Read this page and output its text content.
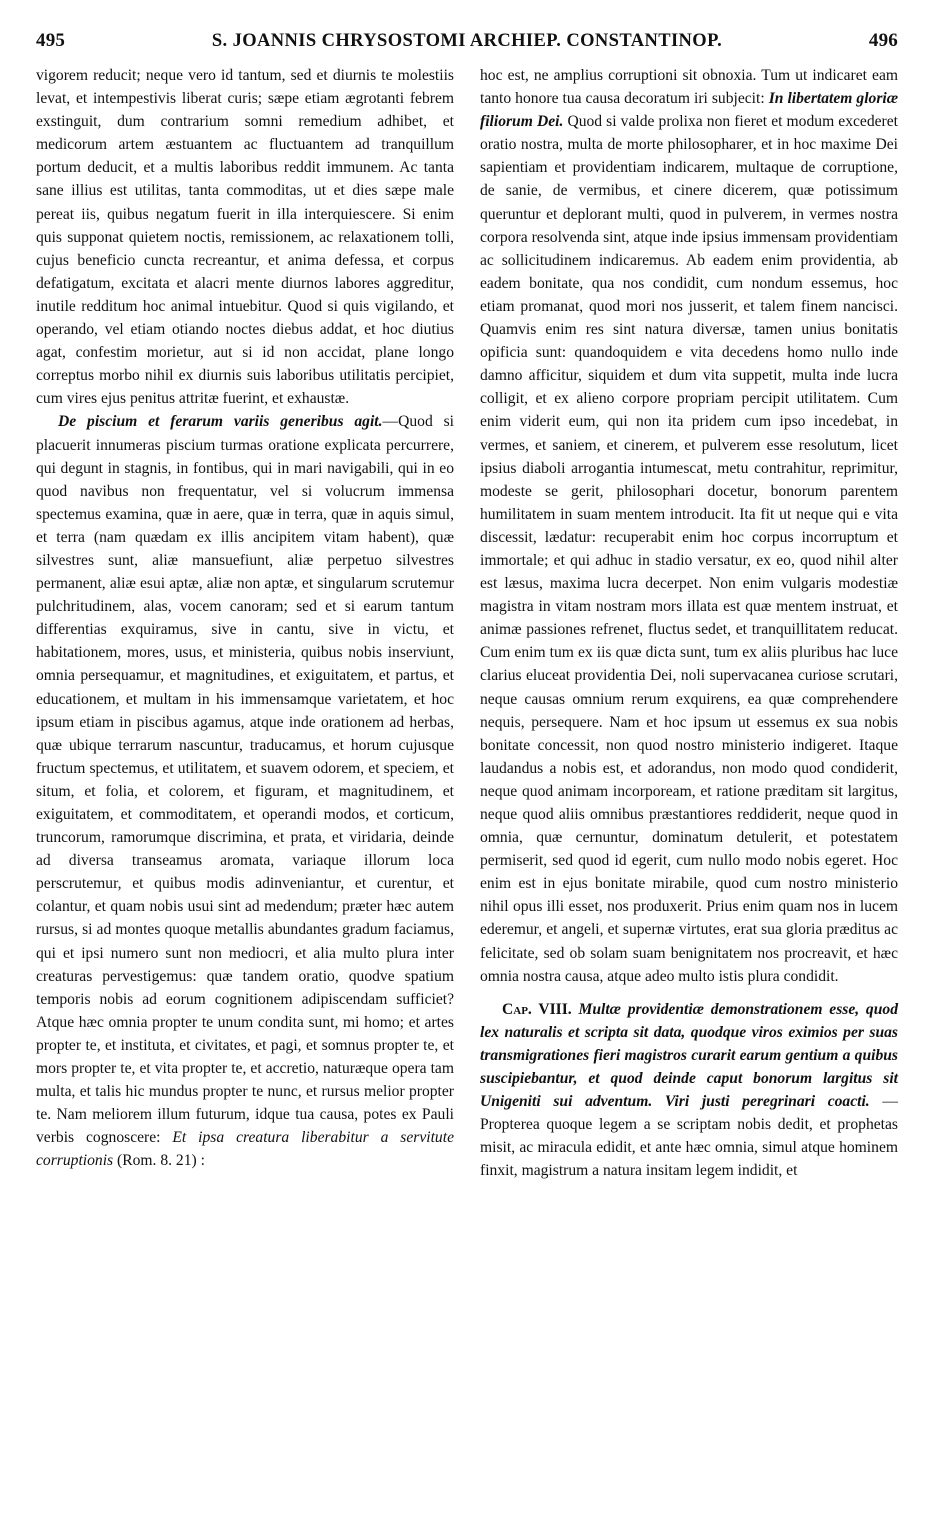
495	S. JOANNIS CHRYSOSTOMI ARCHIEP. CONSTANTINOP.	496

vigorem reducit; neque vero id tantum, sed et diurnis te molestiis levat, et intempestivis liberat curis; sæpe etiam ægrotanti febrem exstinguit, dum contrarium somni remedium adhibet, et medicorum artem æstuantem ac fluctuantem ad tranquillum portum deducit, et a multis laboribus reddit immunem. Ac tanta sane illius est utilitas, tanta commoditas, ut et dies sæpe male pereat iis, quibus negatum fuerit in illa interquiescere. Si enim quis supponat quietem noctis, remissionem, ac relaxationem tolli, cujus beneficio cuncta recreantur, et anima defessa, et corpus defatigatum, excitata et alacri mente diurnos labores aggreditur, inutile redditum hoc animal intuebitur. Quod si quis vigilando, et operando, vel etiam otiando noctes diebus addat, et hoc diutius agat, confestim morietur, aut si id non accidat, plane longo correptus morbo nihil ex diurnis suis laboribus utilitatis percipiet, cum vires ejus penitus attritæ fuerint, et exhaustæ.

De piscium et ferarum variis generibus agit.—Quod si placuerit innumeras piscium turmas oratione explicata percurrere, qui degunt in stagnis, in fontibus, qui in mari navigabili, qui in eo quod navibus non frequentatur, vel si volucrum immensa spectemus examina, quæ in aere, quæ in terra, quæ in aquis simul, et terra (nam quædam ex illis ancipitem vitam habent), quæ silvestres sunt, aliæ mansuefiunt, aliæ perpetuo silvestres permanent, aliæ esui aptæ, aliæ non aptæ, et singularum scrutemur pulchritudinem, alas, vocem canoram; sed et si earum tantum differentias exquiramus, sive in cantu, sive in victu, et habitationem, mores, usus, et ministeria, quibus nobis inserviunt, omnia persequamur, et magnitudines, et exiguitatem, et partus, et educationem, et multam in his immensamque varietatem, et hoc ipsum etiam in piscibus agamus, atque inde orationem ad herbas, quæ ubique terrarum nascuntur, traducamus, et horum cujusque fructum spectemus, et utilitatem, et suavem odorem, et speciem, et situm, et folia, et colorem, et figuram, et magnitudinem, et exiguitatem, et commoditatem, et operandi modos, et corticum, truncorum, ramorumque discrimina, et prata, et viridaria, deinde ad diversa transeamus aromata, variaque illorum loca perscrutemur, et quibus modis adinveniantur, et curentur, et colantur, et quam nobis usui sint ad medendum; præter hæc autem rursus, si ad montes quoque metallis abundantes gradum faciamus, qui et ipsi numero sunt non mediocri, et alia multo plura inter creaturas pervestigemus: quæ tandem oratio, quodve spatium temporis nobis ad eorum cognitionem adipiscendam sufficiet? Atque hæc omnia propter te unum condita sunt, mi homo; et artes propter te, et instituta, et civitates, et pagi, et somnus propter te, et mors propter te, et vita propter te, et accretio, naturæque opera tam multa, et talis hic mundus propter te nunc, et rursus melior propter te. Nam meliorem illum futurum, idque tua causa, potes ex Pauli verbis cognoscere: Et ipsa creatura liberabitur a servitute corruptionis (Rom. 8. 21) :

hoc est, ne amplius corruptioni sit obnoxia. Tum ut indicaret eam tanto honore tua causa decoratum iri subjecit: In libertatem gloriæ filiorum Dei. Quod si valde prolixa non fieret et modum excederet oratio nostra, multa de morte philosopharer, et in hoc maxime Dei sapientiam et providentiam indicarem, multaque de corruptione, de sanie, de vermibus, et cinere dicerem, quæ potissimum queruntur et deplorant multi, quod in pulverem, in vermes nostra corpora resolvenda sint, atque inde ipsius immensam providentiam ac sollicitudinem indicaremus. Ab eadem enim providentia, ab eadem bonitate, qua nos condidit, cum nondum essemus, hoc etiam promanat, quod mori nos jusserit, et talem finem nancisci. Quamvis enim res sint natura diversæ, tamen unius bonitatis opificia sunt: quandoquidem e vita decedens homo nullo inde damno afficitur, siquidem et dum vita suppetit, multa inde lucra colligit, et ex alieno corpore propriam percipit utilitatem. Cum enim viderit eum, qui non ita pridem cum ipso incedebat, in vermes, et saniem, et cinerem, et pulverem esse resolutum, licet ipsius diaboli arrogantia intumescat, metu contrahitur, reprimitur, modeste se gerit, philosophari docetur, bonorum parentem humilitatem in suam mentem introducit. Ita fit ut neque qui e vita discessit, lædatur: recuperabit enim hoc corpus incorruptum et immortale; et qui adhuc in stadio versatur, ex eo, quod nihil alter est læsus, maxima lucra decerpet. Non enim vulgaris modestiæ magistra in vitam nostram mors illata est quæ mentem instruat, et animæ passiones refrenet, fluctus sedet, et tranquillitatem reducat. Cum enim tum ex iis quæ dicta sunt, tum ex aliis pluribus hac luce clarius eluceat providentia Dei, noli supervacanea curiose scrutari, neque causas omnium rerum exquirens, ea quæ comprehendere nequis, persequere. Nam et hoc ipsum ut essemus ex sua nobis bonitate concessit, non quod nostro ministerio indigeret. Itaque laudandus a nobis est, et adorandus, non modo quod condiderit, neque quod animam incorpoream, et ratione præditam sit largitus, neque quod aliis omnibus præstantiores reddiderit, neque quod in omnia, quæ cernuntur, dominatum detulerit, et potestatem permiserit, sed quod id egerit, cum nullo modo nobis egeret. Hoc enim est in ejus bonitate mirabile, quod cum nostro ministerio nihil opus illi esset, nos produxerit. Prius enim quam nos in lucem ederemur, et angeli, et supernæ virtutes, erat sua gloria præditus ac felicitate, sed ob solam suam benignitatem nos procreavit, et hæc omnia nostra causa, atque adeo multo istis plura condidit.

Cap. VIII. Multæ providentiæ demonstrationem esse, quod lex naturalis et scripta sit data, quodque viros eximios per suas transmigrationes fieri magistros curarit earum gentium a quibus suscipiebantur, et quod deinde caput bonorum largitus sit Unigeniti sui adventum. Viri justi peregrinari coacti. — Propterea quoque legem a se scriptam nobis dedit, et prophetas misit, ac miracula edidit, et ante hæc omnia, simul atque hominem finxit, magistrum a natura insitam legem indidit, et
